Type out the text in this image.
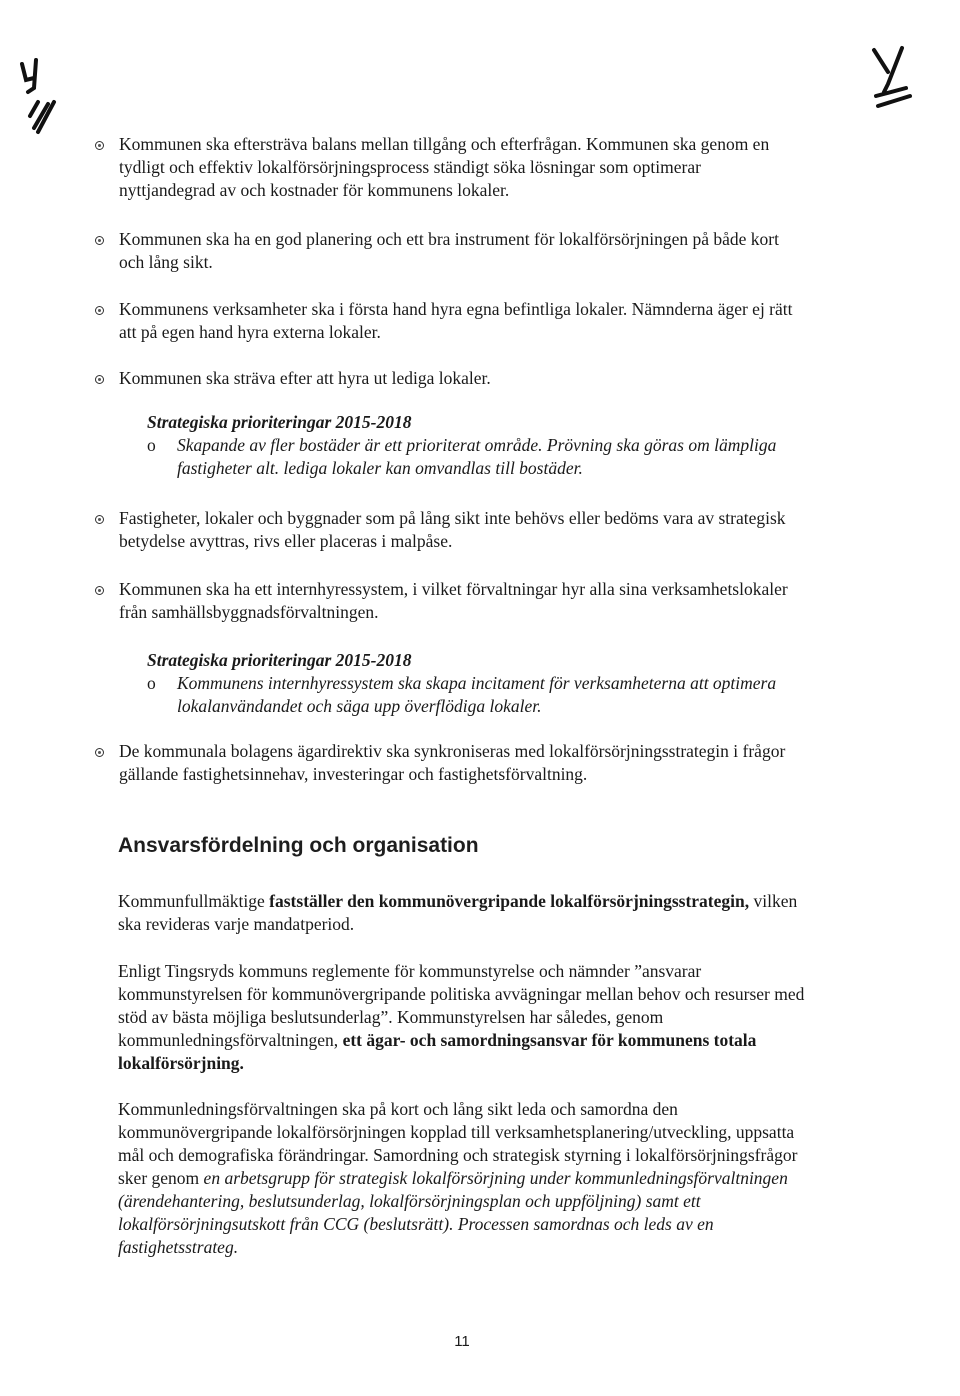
Kommunen ska eftersträva balans mellan tillgång och efterfrågan. Kommunen ska genom en tydligt och effektiv lokalförsörjningsprocess ständigt söka lösningar som optimerar nyttjandegrad av och kostnader för kommunens lokaler.

Kommunen ska ha en god planering och ett bra instrument för lokalförsörjningen på både kort och lång sikt.

Kommunens verksamheter ska i första hand hyra egna befintliga lokaler. Nämnderna äger ej rätt att på egen hand hyra externa lokaler.

Kommunen ska sträva efter att hyra ut lediga lokaler.

Strategiska prioriteringar 2015-2018

o Skapande av fler bostäder är ett prioriterat område. Prövning ska göras om lämpliga fastigheter alt. lediga lokaler kan omvandlas till bostäder.

Fastigheter, lokaler och byggnader som på lång sikt inte behövs eller bedöms vara av strategisk betydelse avyttras, rivs eller placeras i malpåse.

Kommunen ska ha ett internhyressystem, i vilket förvaltningar hyr alla sina verksamhetslokaler från samhällsbyggnadsförvaltningen.

Strategiska prioriteringar 2015-2018

o Kommunens internhyressystem ska skapa incitament för verksamheterna att optimera lokalanvändandet och säga upp överflödiga lokaler.

De kommunala bolagens ägardirektiv ska synkroniseras med lokalförsörjningsstrategin i frågor gällande fastighetsinnehav, investeringar och fastighetsförvaltning.

Ansvarsfördelning och organisation

Kommunfullmäktige fastställer den kommunövergripande lokalförsörjningsstrategin, vilken ska revideras varje mandatperiod.

Enligt Tingsryds kommuns reglemente för kommunstyrelse och nämnder ”ansvarar kommunstyrelsen för kommunövergripande politiska avvägningar mellan behov och resurser med stöd av bästa möjliga beslutsunderlag”. Kommunstyrelsen har således, genom kommunledningsförvaltningen, ett ägar- och samordningsansvar för kommunens totala lokalförsörjning.

Kommunledningsförvaltningen ska på kort och lång sikt leda och samordna den kommunövergripande lokalförsörjningen kopplad till verksamhetsplanering/utveckling, uppsatta mål och demografiska förändringar. Samordning och strategisk styrning i lokalförsörjningsfrågor sker genom en arbetsgrupp för strategisk lokalförsörjning under kommunledningsförvaltningen (ärendehantering, beslutsunderlag, lokalförsörjningsplan och uppföljning) samt ett lokalförsörjningsutskott från CCG (beslutsrätt). Processen samordnas och leds av en fastighetsstrateg.

11
